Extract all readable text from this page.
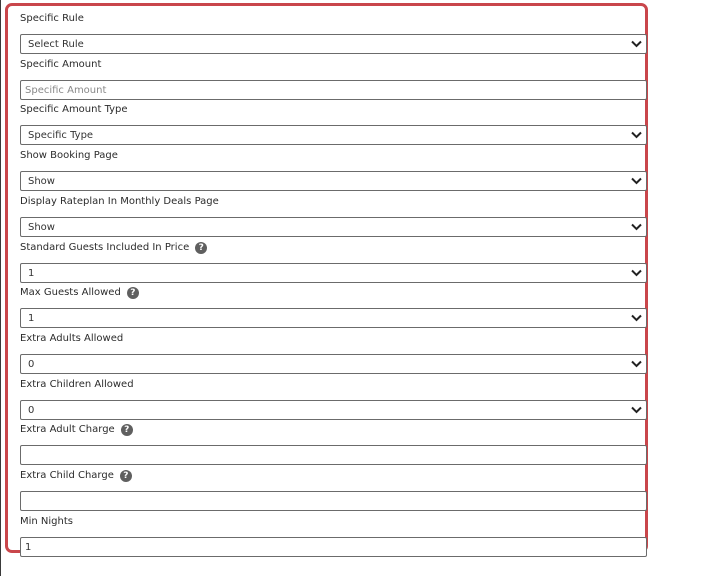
Specific Rule
Select Rule
Specific Amount
Specific Amount
Specific Amount Type
Specific Type
Show Booking Page
Show
Display Rateplan In Monthly Deals Page
Show
Standard Guests Included In Price	?
1
Max Guests Allowed	?
1
Extra Adults Allowed
0
Extra Children Allowed
0
Extra Adult Charge	?
Extra Child Charge	?
Min Nights
1
